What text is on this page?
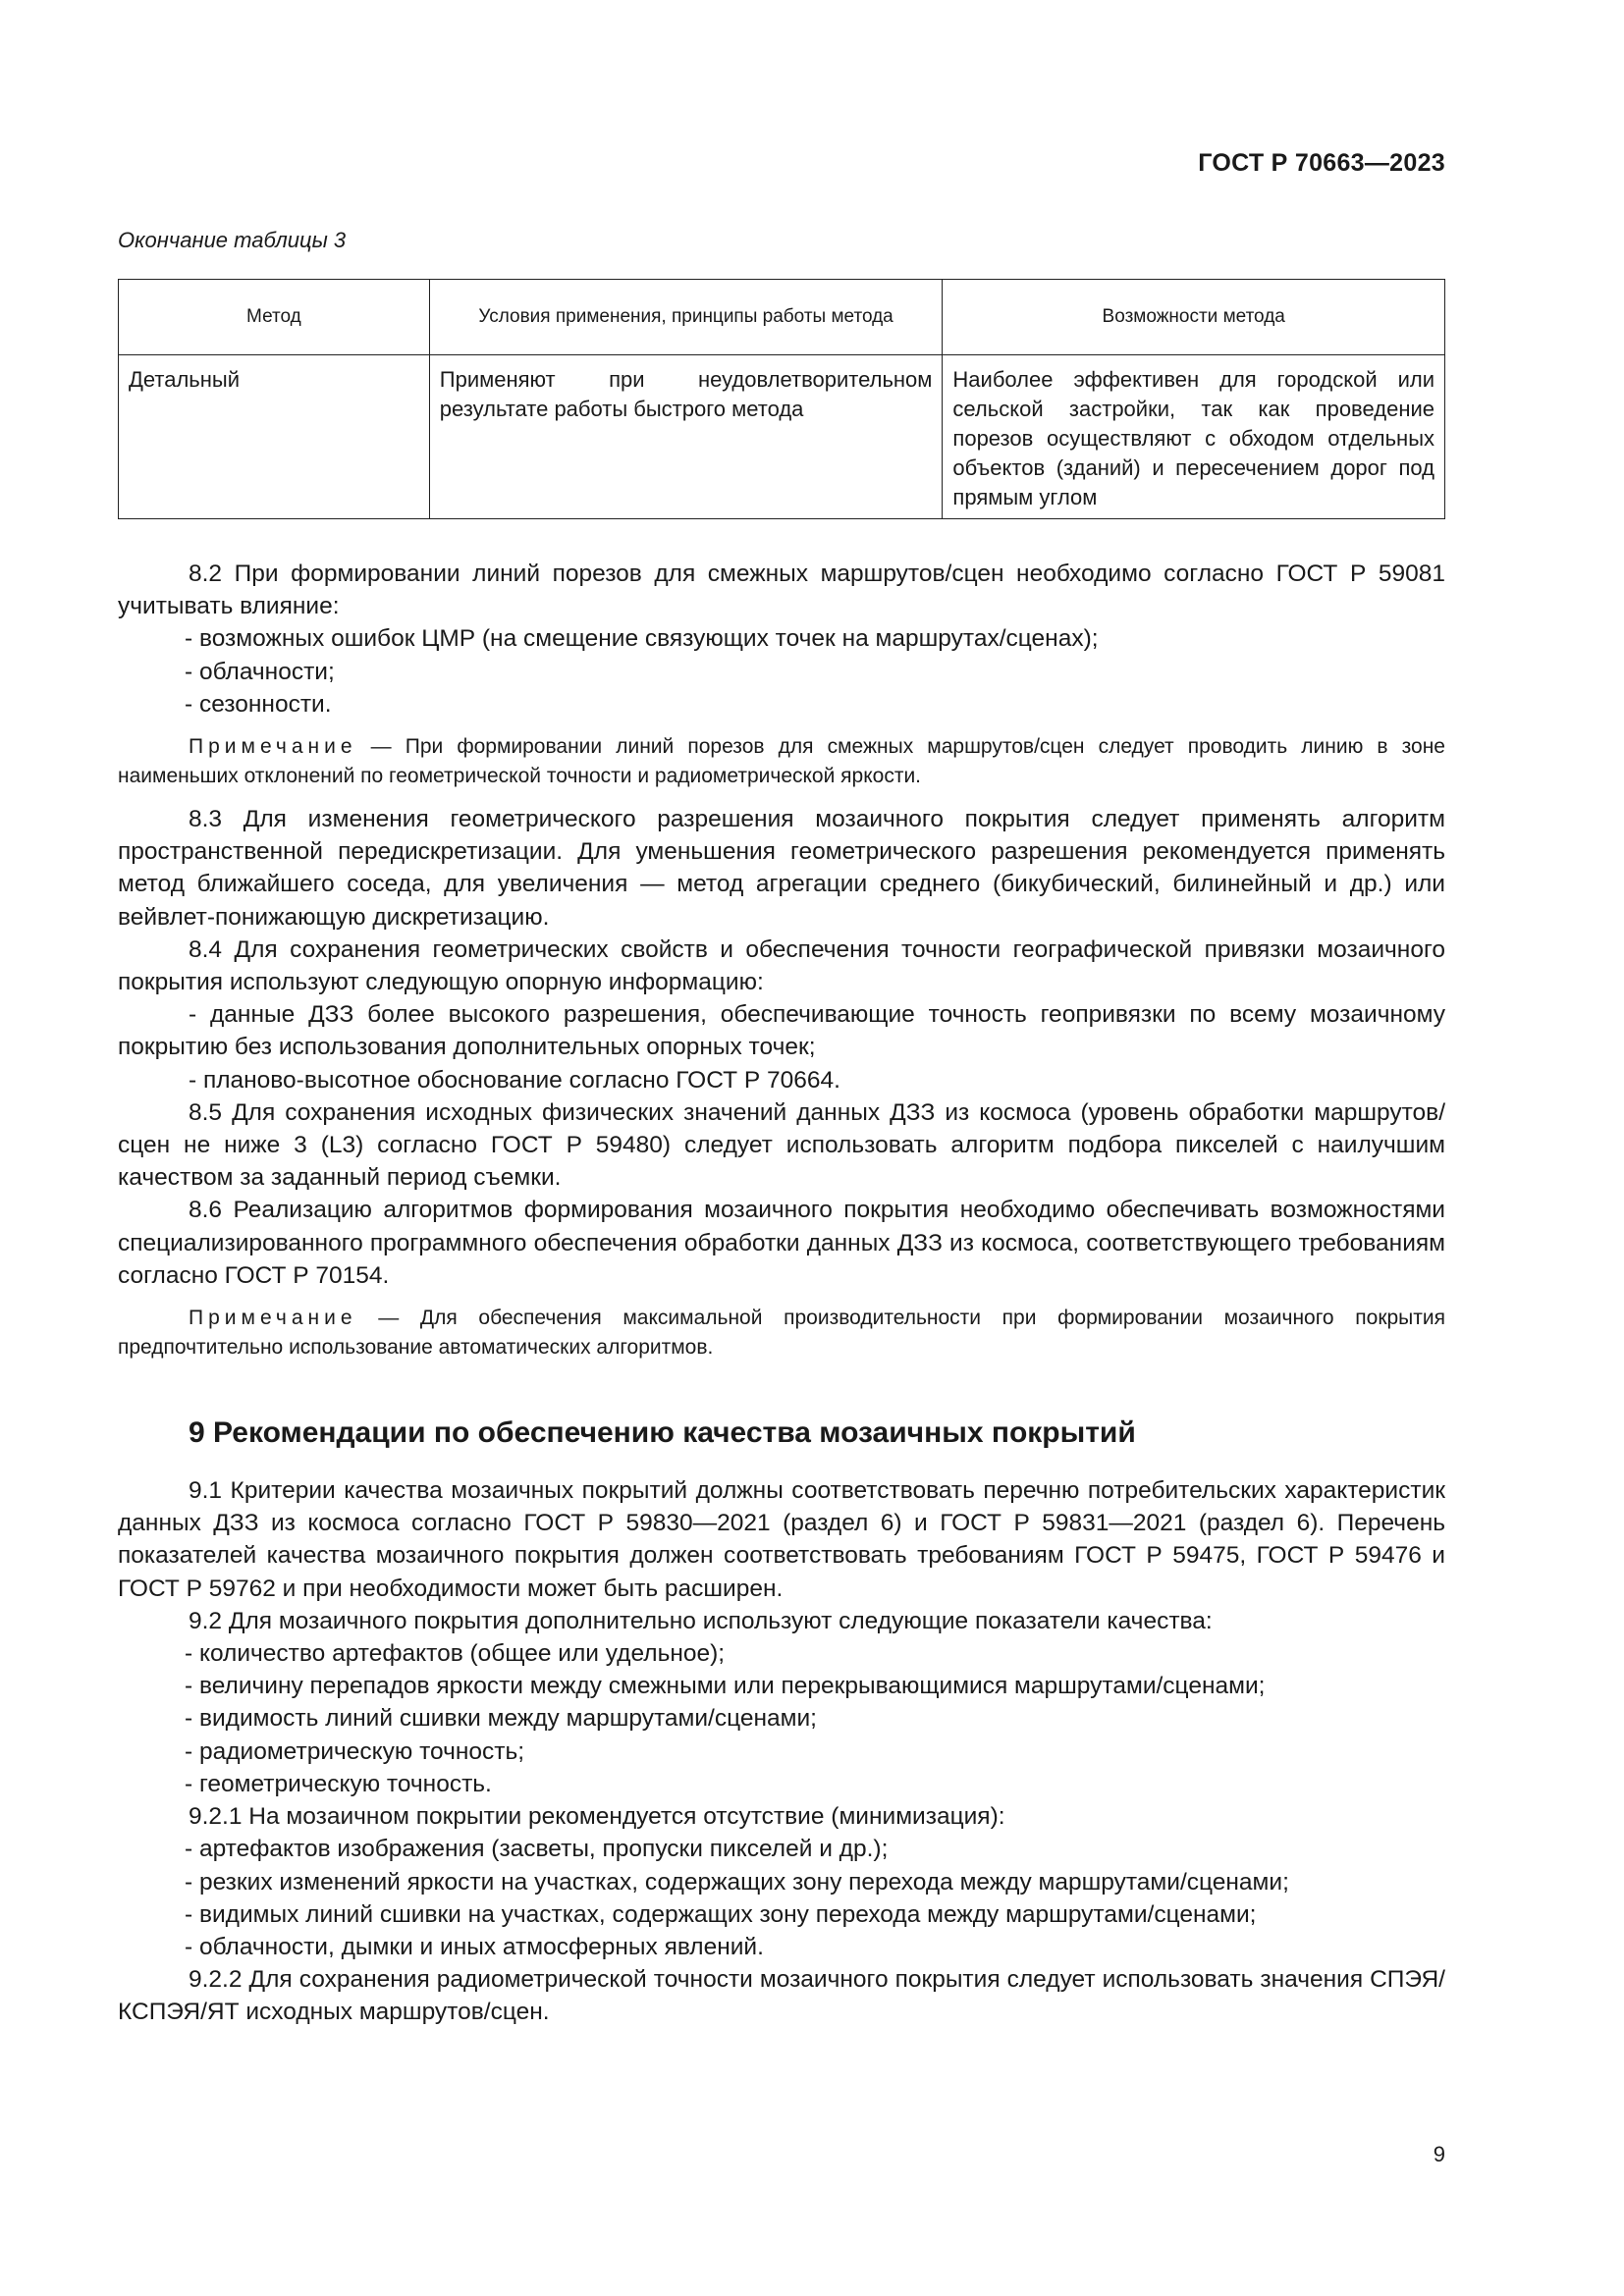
ГОСТ Р 70663—2023
Окончание таблицы 3
Метод	Условия применения, принципы работы метода	Возможности метода
Детальный	Применяют при неудовлетворительном результате работы быстрого метода	Наиболее эффективен для городской или сельской застройки, так как проведение порезов осуществляют с обходом отдельных объектов (зданий) и пересечением дорог под прямым углом

8.2 При формировании линий порезов для смежных маршрутов/сцен необходимо согласно ГОСТ Р 59081 учитывать влияние:

- возможных ошибок ЦМР (на смещение связующих точек на маршрутах/сценах);

- облачности;

- сезонности.

Примечание — При формировании линий порезов для смежных маршрутов/сцен следует проводить линию в зоне наименьших отклонений по геометрической точности и радиометрической яркости.

8.3 Для изменения геометрического разрешения мозаичного покрытия следует применять алгоритм пространственной передискретизации. Для уменьшения геометрического разрешения рекомендуется применять метод ближайшего соседа, для увеличения — метод агрегации среднего (бикубический, билинейный и др.) или вейвлет-понижающую дискретизацию.

8.4 Для сохранения геометрических свойств и обеспечения точности географической привязки мозаичного покрытия используют следующую опорную информацию:

- данные ДЗЗ более высокого разрешения, обеспечивающие точность геопривязки по всему мозаичному покрытию без использования дополнительных опорных точек;

- планово-высотное обоснование согласно ГОСТ Р 70664.

8.5 Для сохранения исходных физических значений данных ДЗЗ из космоса (уровень обработки маршрутов/сцен не ниже 3 (L3) согласно ГОСТ Р 59480) следует использовать алгоритм подбора пикселей с наилучшим качеством за заданный период съемки.

8.6 Реализацию алгоритмов формирования мозаичного покрытия необходимо обеспечивать возможностями специализированного программного обеспечения обработки данных ДЗЗ из космоса, соответствующего требованиям согласно ГОСТ Р 70154.

Примечание — Для обеспечения максимальной производительности при формировании мозаичного покрытия предпочтительно использование автоматических алгоритмов.

9 Рекомендации по обеспечению качества мозаичных покрытий

9.1 Критерии качества мозаичных покрытий должны соответствовать перечню потребительских характеристик данных ДЗЗ из космоса согласно ГОСТ Р 59830—2021 (раздел 6) и ГОСТ Р 59831—2021 (раздел 6). Перечень показателей качества мозаичного покрытия должен соответствовать требованиям ГОСТ Р 59475, ГОСТ Р 59476 и ГОСТ Р 59762 и при необходимости может быть расширен.

9.2 Для мозаичного покрытия дополнительно используют следующие показатели качества:

- количество артефактов (общее или удельное);

- величину перепадов яркости между смежными или перекрывающимися маршрутами/сценами;

- видимость линий сшивки между маршрутами/сценами;

- радиометрическую точность;

- геометрическую точность.

9.2.1 На мозаичном покрытии рекомендуется отсутствие (минимизация):

- артефактов изображения (засветы, пропуски пикселей и др.);

- резких изменений яркости на участках, содержащих зону перехода между маршрутами/сценами;

- видимых линий сшивки на участках, содержащих зону перехода между маршрутами/сценами;

- облачности, дымки и иных атмосферных явлений.

9.2.2 Для сохранения радиометрической точности мозаичного покрытия следует использовать значения СПЭЯ/КСПЭЯ/ЯТ исходных маршрутов/сцен.

9
